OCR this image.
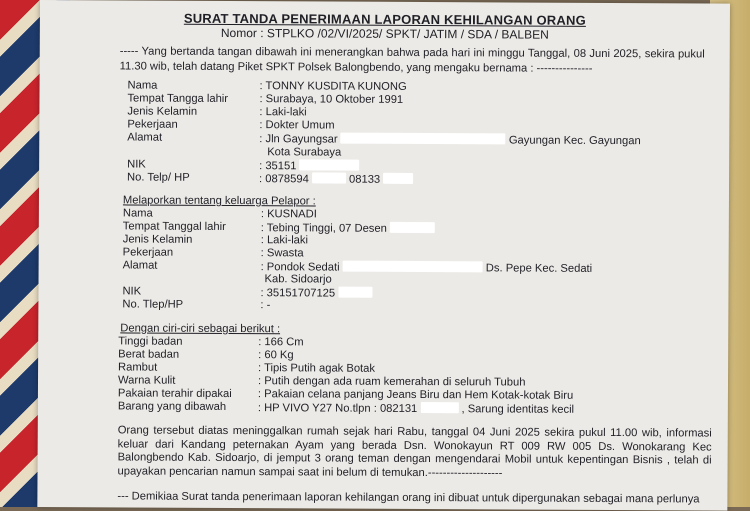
SURAT TANDA PENERIMAAN LAPORAN KEHILANGAN ORANG
Nomor : STPLKO /02/VI/2025/ SPKT/ JATIM / SDA / BALBEN
----- Yang bertanda tangan dibawah ini menerangkan bahwa pada hari ini minggu Tanggal, 08 Juni 2025, sekira pukul 11.30 wib, telah datang Piket SPKT Polsek Balongbendo, yang mengaku bernama : ---------------
Nama	: TONNY KUSDITA KUNONG
Tempat Tangga lahir	: Surabaya, 10 Oktober 1991
Jenis Kelamin	: Laki-laki
Pekerjaan	: Dokter Umum
Alamat	: Jln Gayungsar	Gayungan Kec. Gayungan
Kota Surabaya
NIK	: 35151
No. Telp/ HP	: 0878594	08133
Melaporkan tentang keluarga Pelapor :
Nama	: KUSNADI
Tempat Tanggal lahir	: Tebing Tinggi, 07 Desen
Jenis Kelamin	: Laki-laki
Pekerjaan	: Swasta
Alamat	: Pondok Sedati	Ds. Pepe Kec. Sedati
Kab. Sidoarjo
NIK	: 35151707125
No. Tlep/HP	: -
Dengan ciri-ciri sebagai berikut :
Tinggi badan	: 166 Cm
Berat badan	: 60 Kg
Rambut	: Tipis Putih agak Botak
Warna Kulit	: Putih dengan ada ruam kemerahan di seluruh Tubuh
Pakaian terahir dipakai : Pakaian celana panjang Jeans Biru dan Hem Kotak-kotak Biru
Barang yang dibawah	: HP VIVO Y27 No.tlpn : 082131	, Sarung identitas kecil
Orang tersebut diatas meninggalkan rumah sejak hari Rabu, tanggal 04 Juni 2025 sekira pukul 11.00 wib, informasi keluar dari Kandang peternakan Ayam yang berada Dsn. Wonokayun RT 009 RW 005 Ds. Wonokarang Kec Balongbendo Kab. Sidoarjo, di jemput 3 orang teman dengan mengendarai Mobil untuk kepentingan Bisnis , telah di upayakan pencarian namun sampai saat ini belum di temukan.--------------------
--- Demikiaa Surat tanda penerimaan laporan kehilangan orang ini dibuat untuk dipergunakan sebagai mana perlunya
